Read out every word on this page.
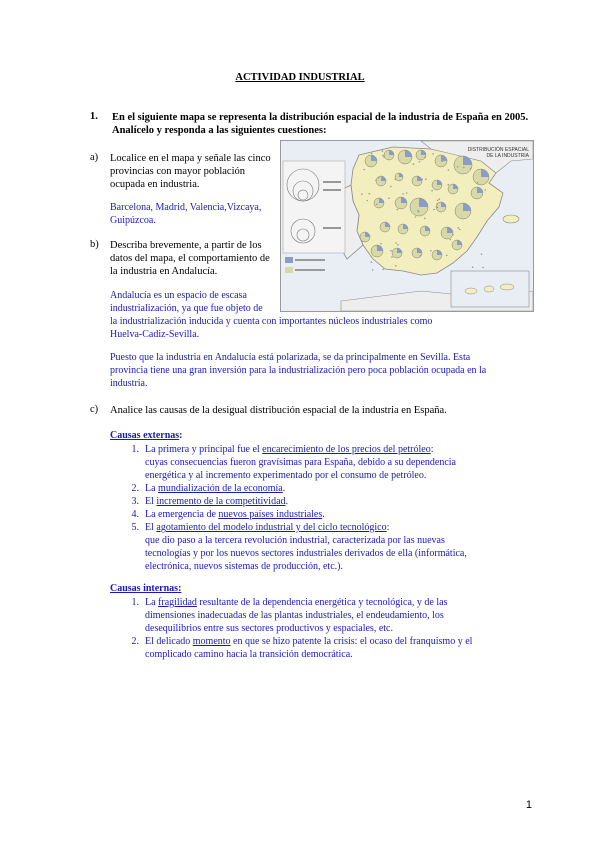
ACTIVIDAD INDUSTRIAL
1. En el siguiente mapa se representa la distribución espacial de la industria de España en 2005. Analícelo y responda a las siguientes cuestiones:
DISTRIBUCIÓN ESPACIAL
DE LA INDUSTRIA
a) Localice en el mapa y señale las cinco
provincias con mayor población
ocupada en industria.
Barcelona, Madrid, Valencia,Vizcaya,
Guipúzcoa.
b) Describa brevemente, a partir de los
datos del mapa, el comportamiento de
la industria en Andalucía.
Andalucía es un espacio de escasa
industrialización, ya que fue objeto de
la industrialización inducida y cuenta con importantes núcleos industriales como
Huelva-Cadiz-Sevilla.
Puesto que la industria en Andalucía está polarizada, se da principalmente en Sevilla. Esta
provincia tiene una gran inversión para la industrialización pero poca población ocupada en la
industria.
c) Analice las causas de la desigual distribución espacial de la industria en España.
Causas externas:
1. La primera y principal fue el encarecimiento de los precios del petróleo:
cuyas consecuencias fueron gravísimas para España, debido a su dependencia
energética y al incremento experimentado por el consumo de petróleo.
2. La mundialización de la economía.
3. El incremento de la competitividad.
4. La emergencia de nuevos países industriales.
5. El agotamiento del modelo industrial y del ciclo tecnológico:
que dio paso a la tercera revolución industrial, caracterizada por las nuevas
tecnologías y por los nuevos sectores industriales derivados de ella (informática,
electrónica, nuevos sistemas de producción, etc.).
Causas internas:
1. La fragilidad resultante de la dependencia energética y tecnológica, y de las
dimensiones inadecuadas de las plantas industriales, el endeudamiento, los
desequilibrios entre sus sectores productivos y espaciales, etc.
2. El delicado momento en que se hizo patente la crisis: el ocaso del franquismo y el
complicado camino hacia la transición democrática.
1
